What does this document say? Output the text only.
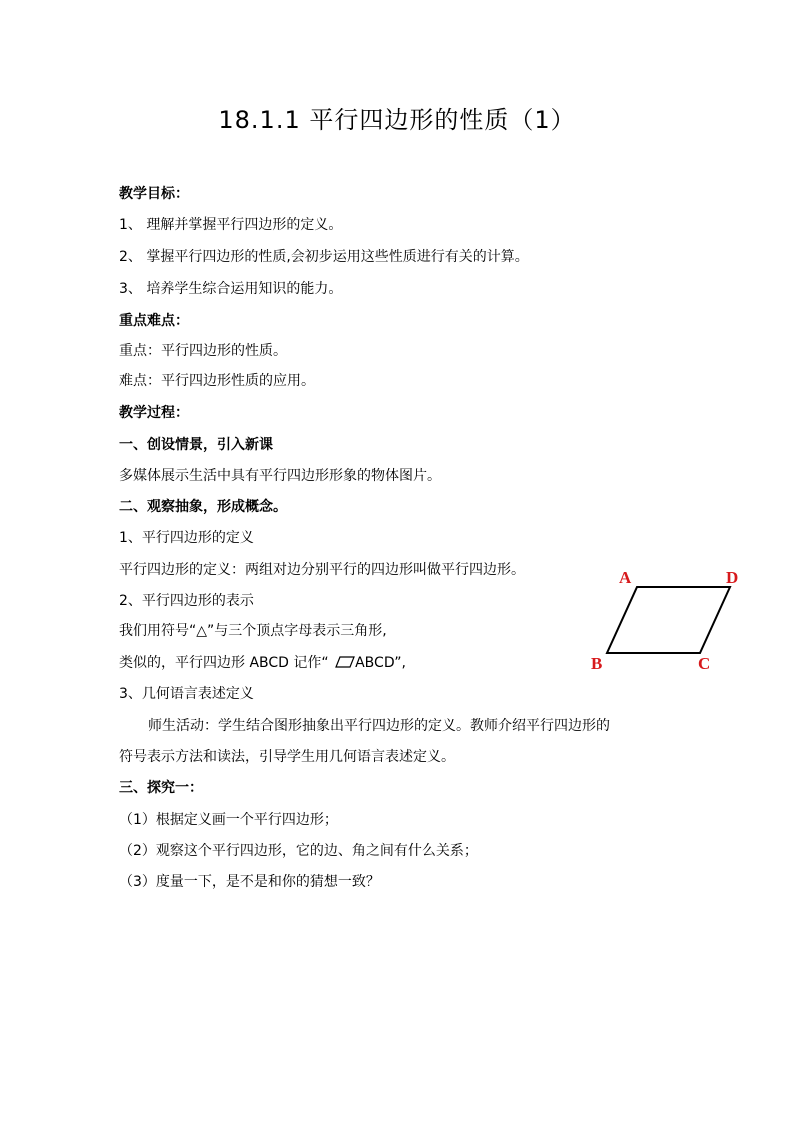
18.1.1 平行四边形的性质（1）
教学目标：
1、 理解并掌握平行四边形的定义。
2、 掌握平行四边形的性质,会初步运用这些性质进行有关的计算。
3、 培养学生综合运用知识的能力。
重点难点：
重点：平行四边形的性质。
难点：平行四边形性质的应用。
教学过程：
一、创设情景，引入新课
多媒体展示生活中具有平行四边形形象的物体图片。
二、观察抽象，形成概念。
1、平行四边形的定义
平行四边形的定义：两组对边分别平行的四边形叫做平行四边形。
2、平行四边形的表示
我们用符号“△”与三个顶点字母表示三角形,
类似的，平行四边形 ABCD 记作“
ABCD”,
3、几何语言表述定义
师生活动：学生结合图形抽象出平行四边形的定义。教师介绍平行四边形的
符号表示方法和读法，引导学生用几何语言表述定义。
三、探究一：
（1）根据定义画一个平行四边形；
（2）观察这个平行四边形，它的边、角之间有什么关系；
（3）度量一下，是不是和你的猜想一致？
A	D
B	C
